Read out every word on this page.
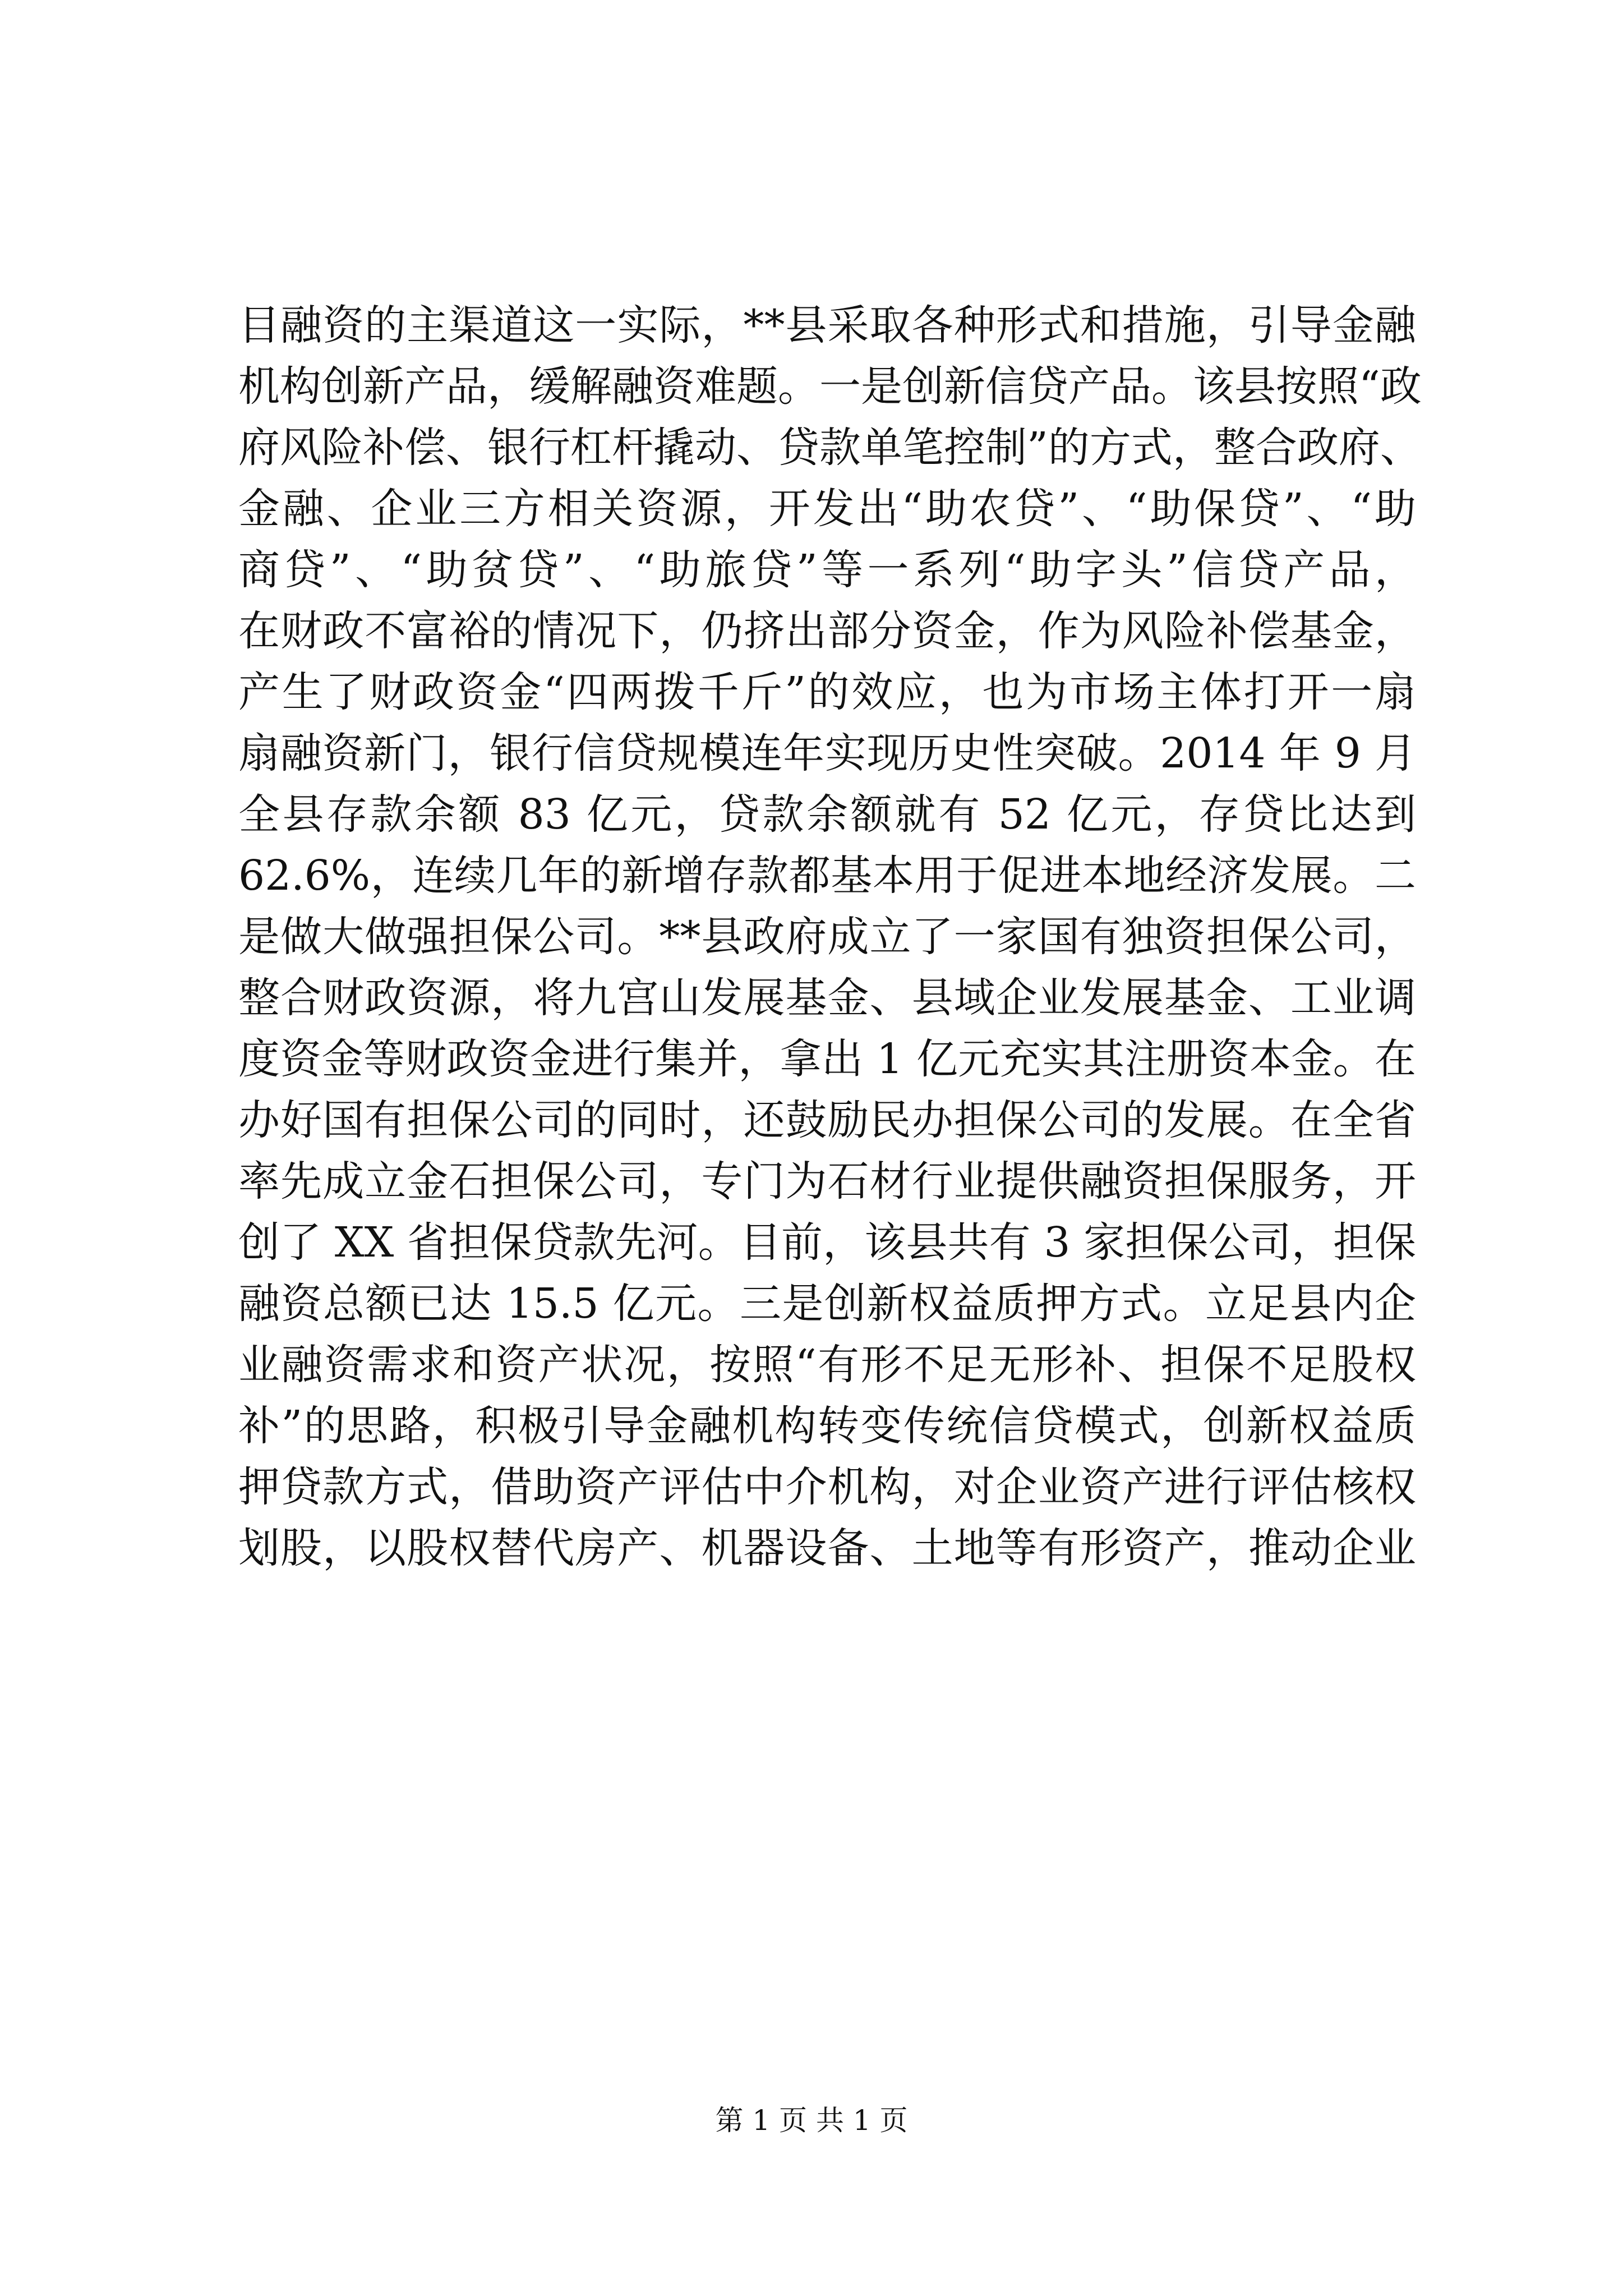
目融资的主渠道这一实际，**县采取各种形式和措施，引导金融
机构创新产品，缓解融资难题。一是创新信贷产品。该县按照“政
府风险补偿、银行杠杆撬动、贷款单笔控制”的方式，整合政府、
金融、企业三方相关资源，开发出“助农贷”、“助保贷”、“助
商贷”、“助贫贷”、“助旅贷”等一系列“助字头”信贷产品，
在财政不富裕的情况下，仍挤出部分资金，作为风险补偿基金，
产生了财政资金“四两拨千斤”的效应，也为市场主体打开一扇
扇融资新门，银行信贷规模连年实现历史性突破。2014 年 9 月
全县存款余额 83 亿元，贷款余额就有 52 亿元，存贷比达到
62.6%，连续几年的新增存款都基本用于促进本地经济发展。二
是做大做强担保公司。**县政府成立了一家国有独资担保公司，
整合财政资源，将九宫山发展基金、县域企业发展基金、工业调
度资金等财政资金进行集并，拿出 1 亿元充实其注册资本金。在
办好国有担保公司的同时，还鼓励民办担保公司的发展。在全省
率先成立金石担保公司，专门为石材行业提供融资担保服务，开
创了 XX 省担保贷款先河。目前，该县共有 3 家担保公司，担保
融资总额已达 15.5 亿元。三是创新权益质押方式。立足县内企
业融资需求和资产状况，按照“有形不足无形补、担保不足股权
补”的思路，积极引导金融机构转变传统信贷模式，创新权益质
押贷款方式，借助资产评估中介机构，对企业资产进行评估核权
划股，以股权替代房产、机器设备、土地等有形资产，推动企业

第 1 页 共 1 页
